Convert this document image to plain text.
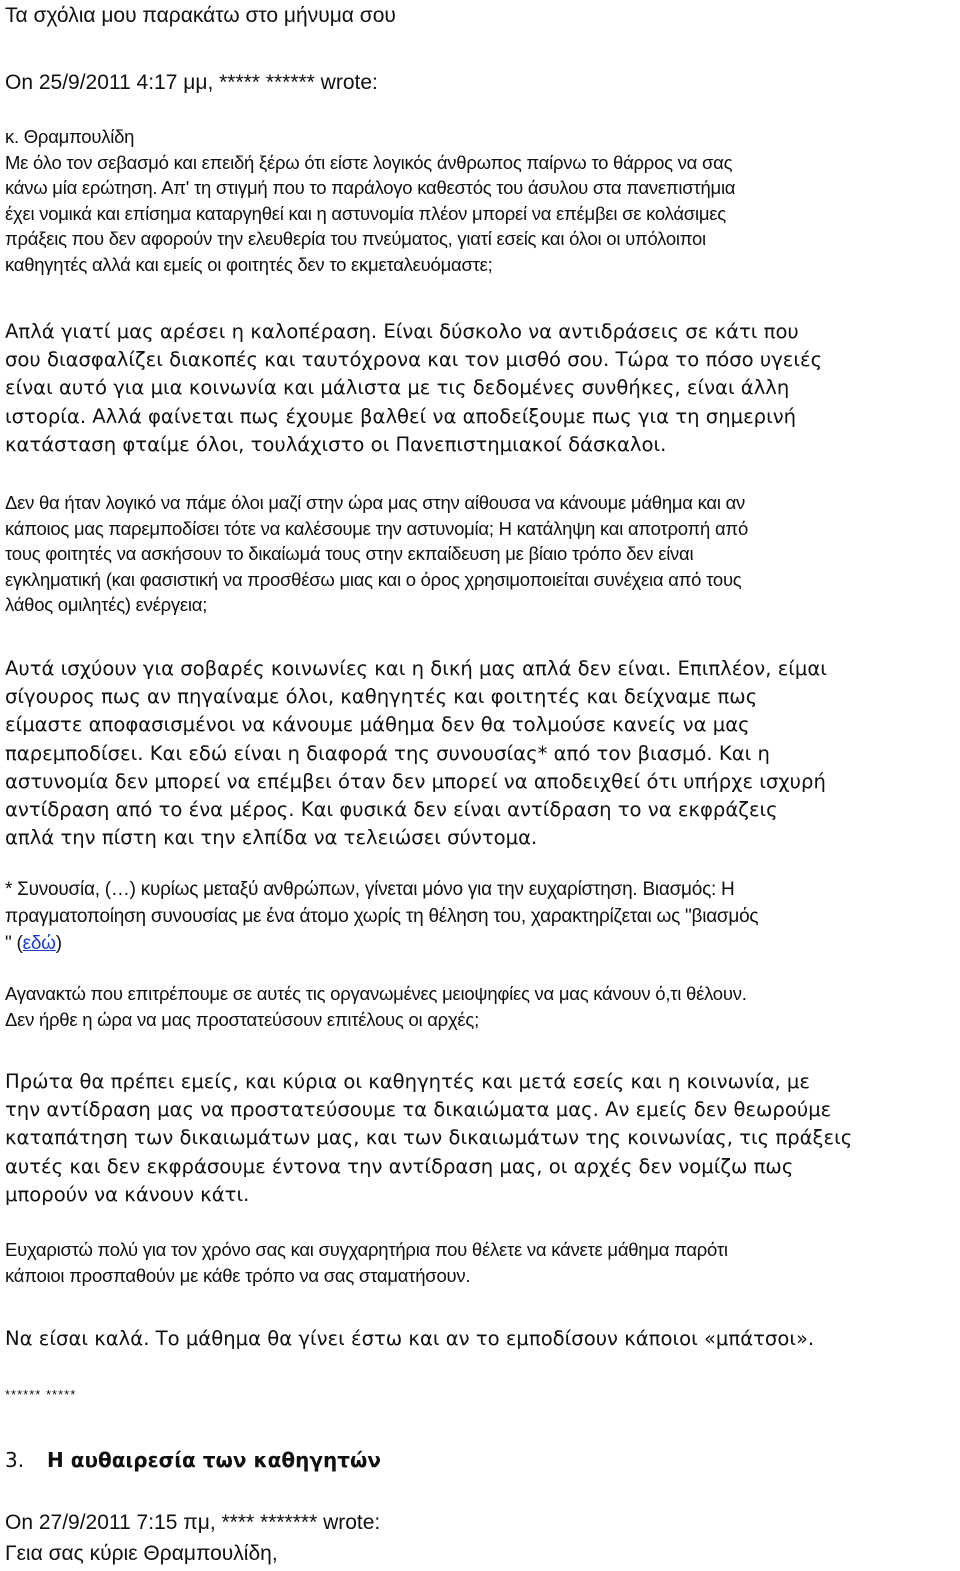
Τα σχόλια μου παρακάτω στο μήνυμα σου

On 25/9/2011 4:17 μμ, ***** ****** wrote:

κ. Θραμπουλίδη
Με όλο τον σεβασμό και επειδή ξέρω ότι είστε λογικός άνθρωπος παίρνω το θάρρος να σας
κάνω μία ερώτηση. Απ' τη στιγμή που το παράλογο καθεστός του άσυλου στα πανεπιστήμια
έχει νομικά και επίσημα καταργηθεί και η αστυνομία πλέον μπορεί να επέμβει σε κολάσιμες
πράξεις που δεν αφορούν την ελευθερία του πνεύματος, γιατί εσείς και όλοι οι υπόλοιποι
καθηγητές αλλά και εμείς οι φοιτητές δεν το εκμεταλευόμαστε;
Απλά γιατί μας αρέσει η καλοπέραση. Είναι δύσκολο να αντιδράσεις σε κάτι που
σου διασφαλίζει διακοπές και ταυτόχρονα και τον μισθό σου. Τώρα το πόσο υγειές
είναι αυτό για μια κοινωνία και μάλιστα με τις δεδομένες συνθήκες, είναι άλλη
ιστορία. Αλλά φαίνεται πως έχουμε βαλθεί να αποδείξουμε πως για τη σημερινή
κατάσταση φταίμε όλοι, τουλάχιστο οι Πανεπιστημιακοί δάσκαλοι.
Δεν θα ήταν λογικό να πάμε όλοι μαζί στην ώρα μας στην αίθουσα να κάνουμε μάθημα και αν
κάποιος μας παρεμποδίσει τότε να καλέσουμε την αστυνομία; Η κατάληψη και αποτροπή από
τους φοιτητές να ασκήσουν το δικαίωμά τους στην εκπαίδευση με βίαιο τρόπο δεν είναι
εγκληματική (και φασιστική να προσθέσω μιας και ο όρος χρησιμοποιείται συνέχεια από τους
λάθος ομιλητές) ενέργεια;
Αυτά ισχύουν για σοβαρές κοινωνίες και η δική μας απλά δεν είναι. Επιπλέον, είμαι
σίγουρος πως αν πηγαίναμε όλοι, καθηγητές και φοιτητές και δείχναμε πως
είμαστε αποφασισμένοι να κάνουμε μάθημα δεν θα τολμούσε κανείς να μας
παρεμποδίσει. Και εδώ είναι η διαφορά της συνουσίας* από τον βιασμό. Και η
αστυνομία δεν μπορεί να επέμβει όταν δεν μπορεί να αποδειχθεί ότι υπήρχε ισχυρή
αντίδραση από το ένα μέρος. Και φυσικά δεν είναι αντίδραση το να εκφράζεις
απλά την πίστη και την ελπίδα να τελειώσει σύντομα.
* Συνουσία, (…) κυρίως μεταξύ ανθρώπων, γίνεται μόνο για την ευχαρίστηση. Βιασμός: Η
πραγματοποίηση συνουσίας με ένα άτομο χωρίς τη θέληση του, χαρακτηρίζεται ως "βιασμός
" (εδώ)
Αγανακτώ που επιτρέπουμε σε αυτές τις οργανωμένες μειοψηφίες να μας κάνουν ό,τι θέλουν.
Δεν ήρθε η ώρα να μας προστατεύσουν επιτέλους οι αρχές;
Πρώτα θα πρέπει εμείς, και κύρια οι καθηγητές και μετά εσείς και η κοινωνία, με
την αντίδραση μας να προστατεύσουμε τα δικαιώματα μας. Αν εμείς δεν θεωρούμε
καταπάτηση των δικαιωμάτων μας, και των δικαιωμάτων της κοινωνίας, τις πράξεις
αυτές και δεν εκφράσουμε έντονα την αντίδραση μας, οι αρχές δεν νομίζω πως
μπορούν να κάνουν κάτι.
Ευχαριστώ πολύ για τον χρόνο σας και συγχαρητήρια που θέλετε να κάνετε μάθημα παρότι
κάποιοι προσπαθούν με κάθε τρόπο να σας σταματήσουν.
Να είσαι καλά. Το μάθημα θα γίνει έστω και αν το εμποδίσουν κάποιοι «μπάτσοι».
****** *****
3. Η αυθαιρεσία των καθηγητών

On 27/9/2011 7:15 πμ, **** ******* wrote:

Γεια σας κύριε Θραμπουλίδη,
